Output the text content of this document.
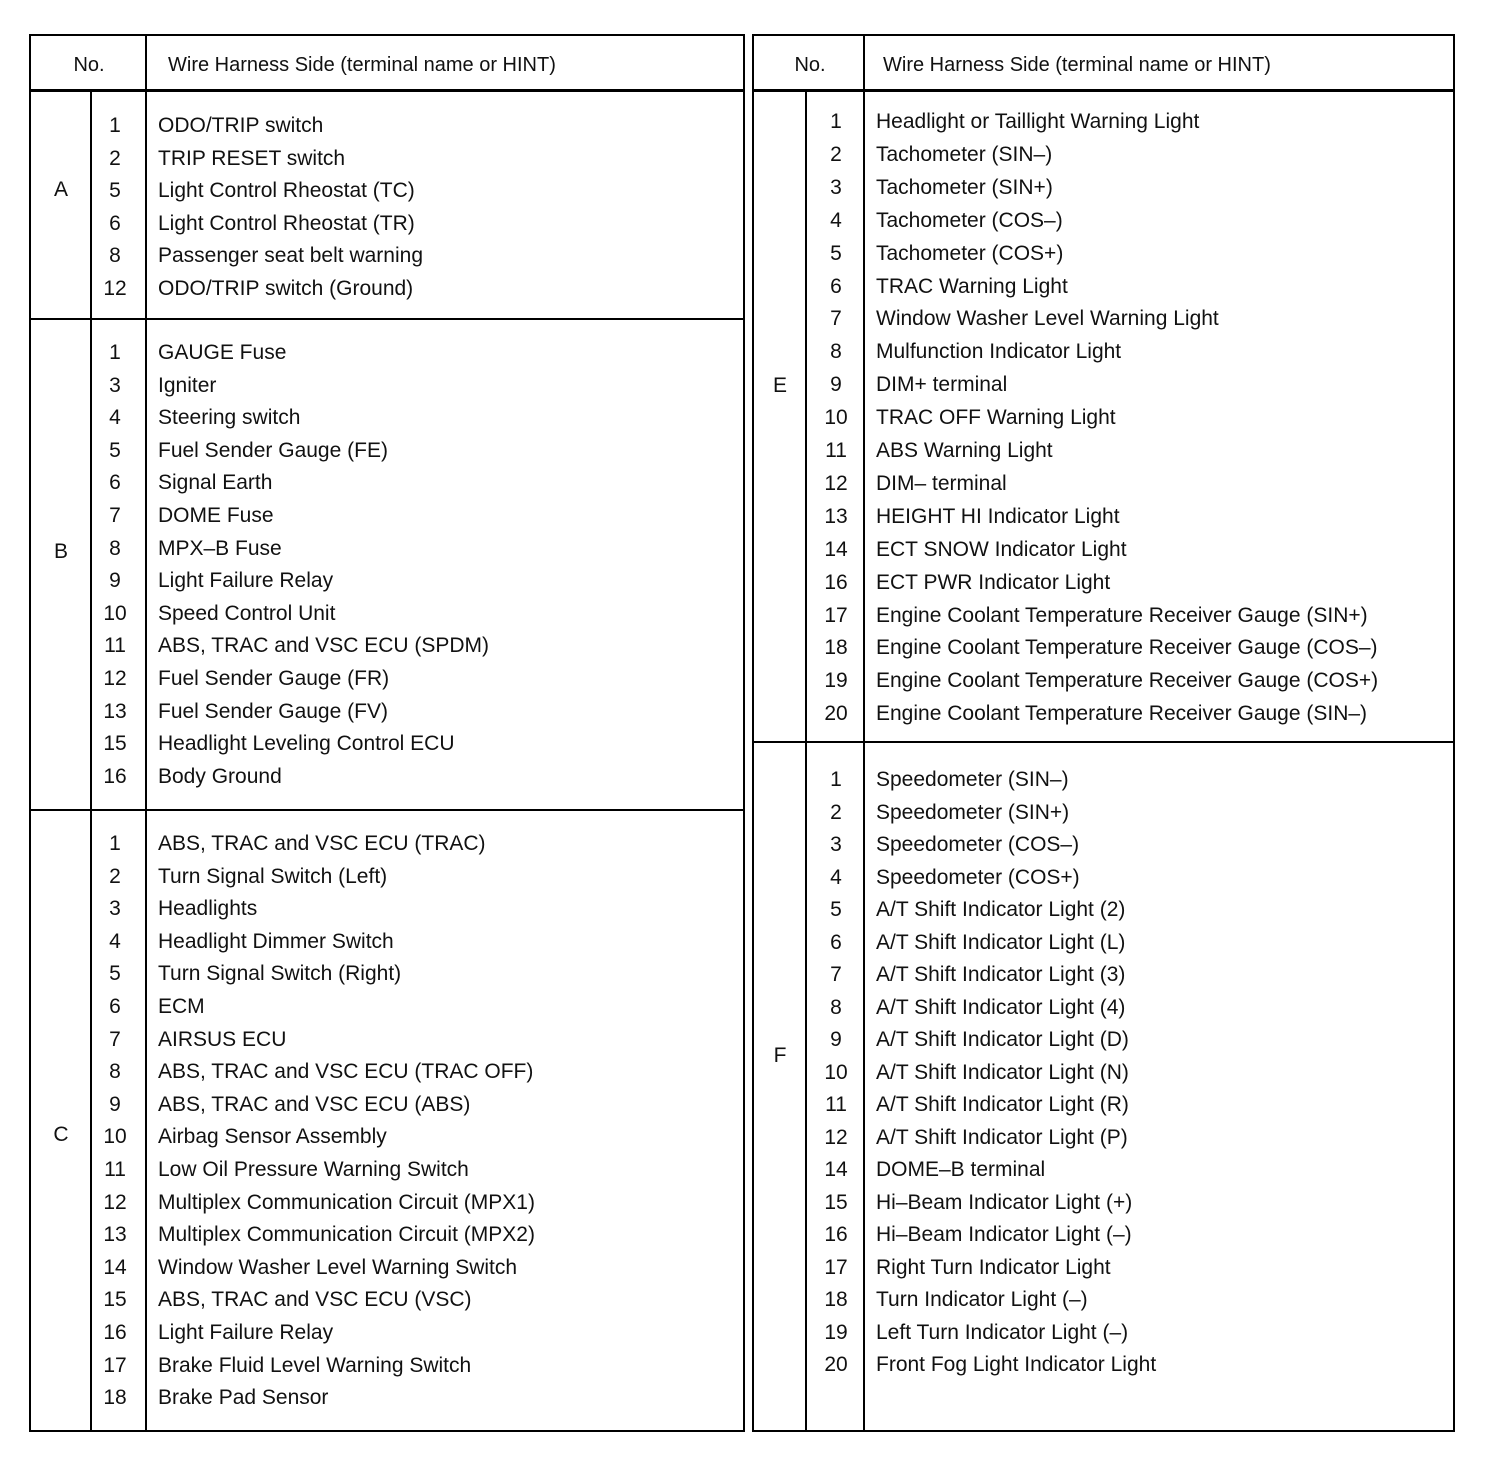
No.	Wire Harness Side (terminal name or HINT)
A
1	ODO/TRIP switch
2	TRIP RESET switch
5	Light Control Rheostat (TC)
6	Light Control Rheostat (TR)
8	Passenger seat belt warning
12	ODO/TRIP switch (Ground)
B
1	GAUGE Fuse
3	Igniter
4	Steering switch
5	Fuel Sender Gauge (FE)
6	Signal Earth
7	DOME Fuse
8	MPX–B Fuse
9	Light Failure Relay
10	Speed Control Unit
11	ABS, TRAC and VSC ECU (SPDM)
12	Fuel Sender Gauge (FR)
13	Fuel Sender Gauge (FV)
15	Headlight Leveling Control ECU
16	Body Ground
C
1	ABS, TRAC and VSC ECU (TRAC)
2	Turn Signal Switch (Left)
3	Headlights
4	Headlight Dimmer Switch
5	Turn Signal Switch (Right)
6	ECM
7	AIRSUS ECU
8	ABS, TRAC and VSC ECU (TRAC OFF)
9	ABS, TRAC and VSC ECU (ABS)
10	Airbag Sensor Assembly
11	Low Oil Pressure Warning Switch
12	Multiplex Communication Circuit (MPX1)
13	Multiplex Communication Circuit (MPX2)
14	Window Washer Level Warning Switch
15	ABS, TRAC and VSC ECU (VSC)
16	Light Failure Relay
17	Brake Fluid Level Warning Switch
18	Brake Pad Sensor
No.	Wire Harness Side (terminal name or HINT)
E
1	Headlight or Taillight Warning Light
2	Tachometer (SIN–)
3	Tachometer (SIN+)
4	Tachometer (COS–)
5	Tachometer (COS+)
6	TRAC Warning Light
7	Window Washer Level Warning Light
8	Mulfunction Indicator Light
9	DIM+ terminal
10	TRAC OFF Warning Light
11	ABS Warning Light
12	DIM– terminal
13	HEIGHT HI Indicator Light
14	ECT SNOW Indicator Light
16	ECT PWR Indicator Light
17	Engine Coolant Temperature Receiver Gauge (SIN+)
18	Engine Coolant Temperature Receiver Gauge (COS–)
19	Engine Coolant Temperature Receiver Gauge (COS+)
20	Engine Coolant Temperature Receiver Gauge (SIN–)
F
1	Speedometer (SIN–)
2	Speedometer (SIN+)
3	Speedometer (COS–)
4	Speedometer (COS+)
5	A/T Shift Indicator Light (2)
6	A/T Shift Indicator Light (L)
7	A/T Shift Indicator Light (3)
8	A/T Shift Indicator Light (4)
9	A/T Shift Indicator Light (D)
10	A/T Shift Indicator Light (N)
11	A/T Shift Indicator Light (R)
12	A/T Shift Indicator Light (P)
14	DOME–B terminal
15	Hi–Beam Indicator Light (+)
16	Hi–Beam Indicator Light (–)
17	Right Turn Indicator Light
18	Turn Indicator Light (–)
19	Left Turn Indicator Light (–)
20	Front Fog Light Indicator Light
